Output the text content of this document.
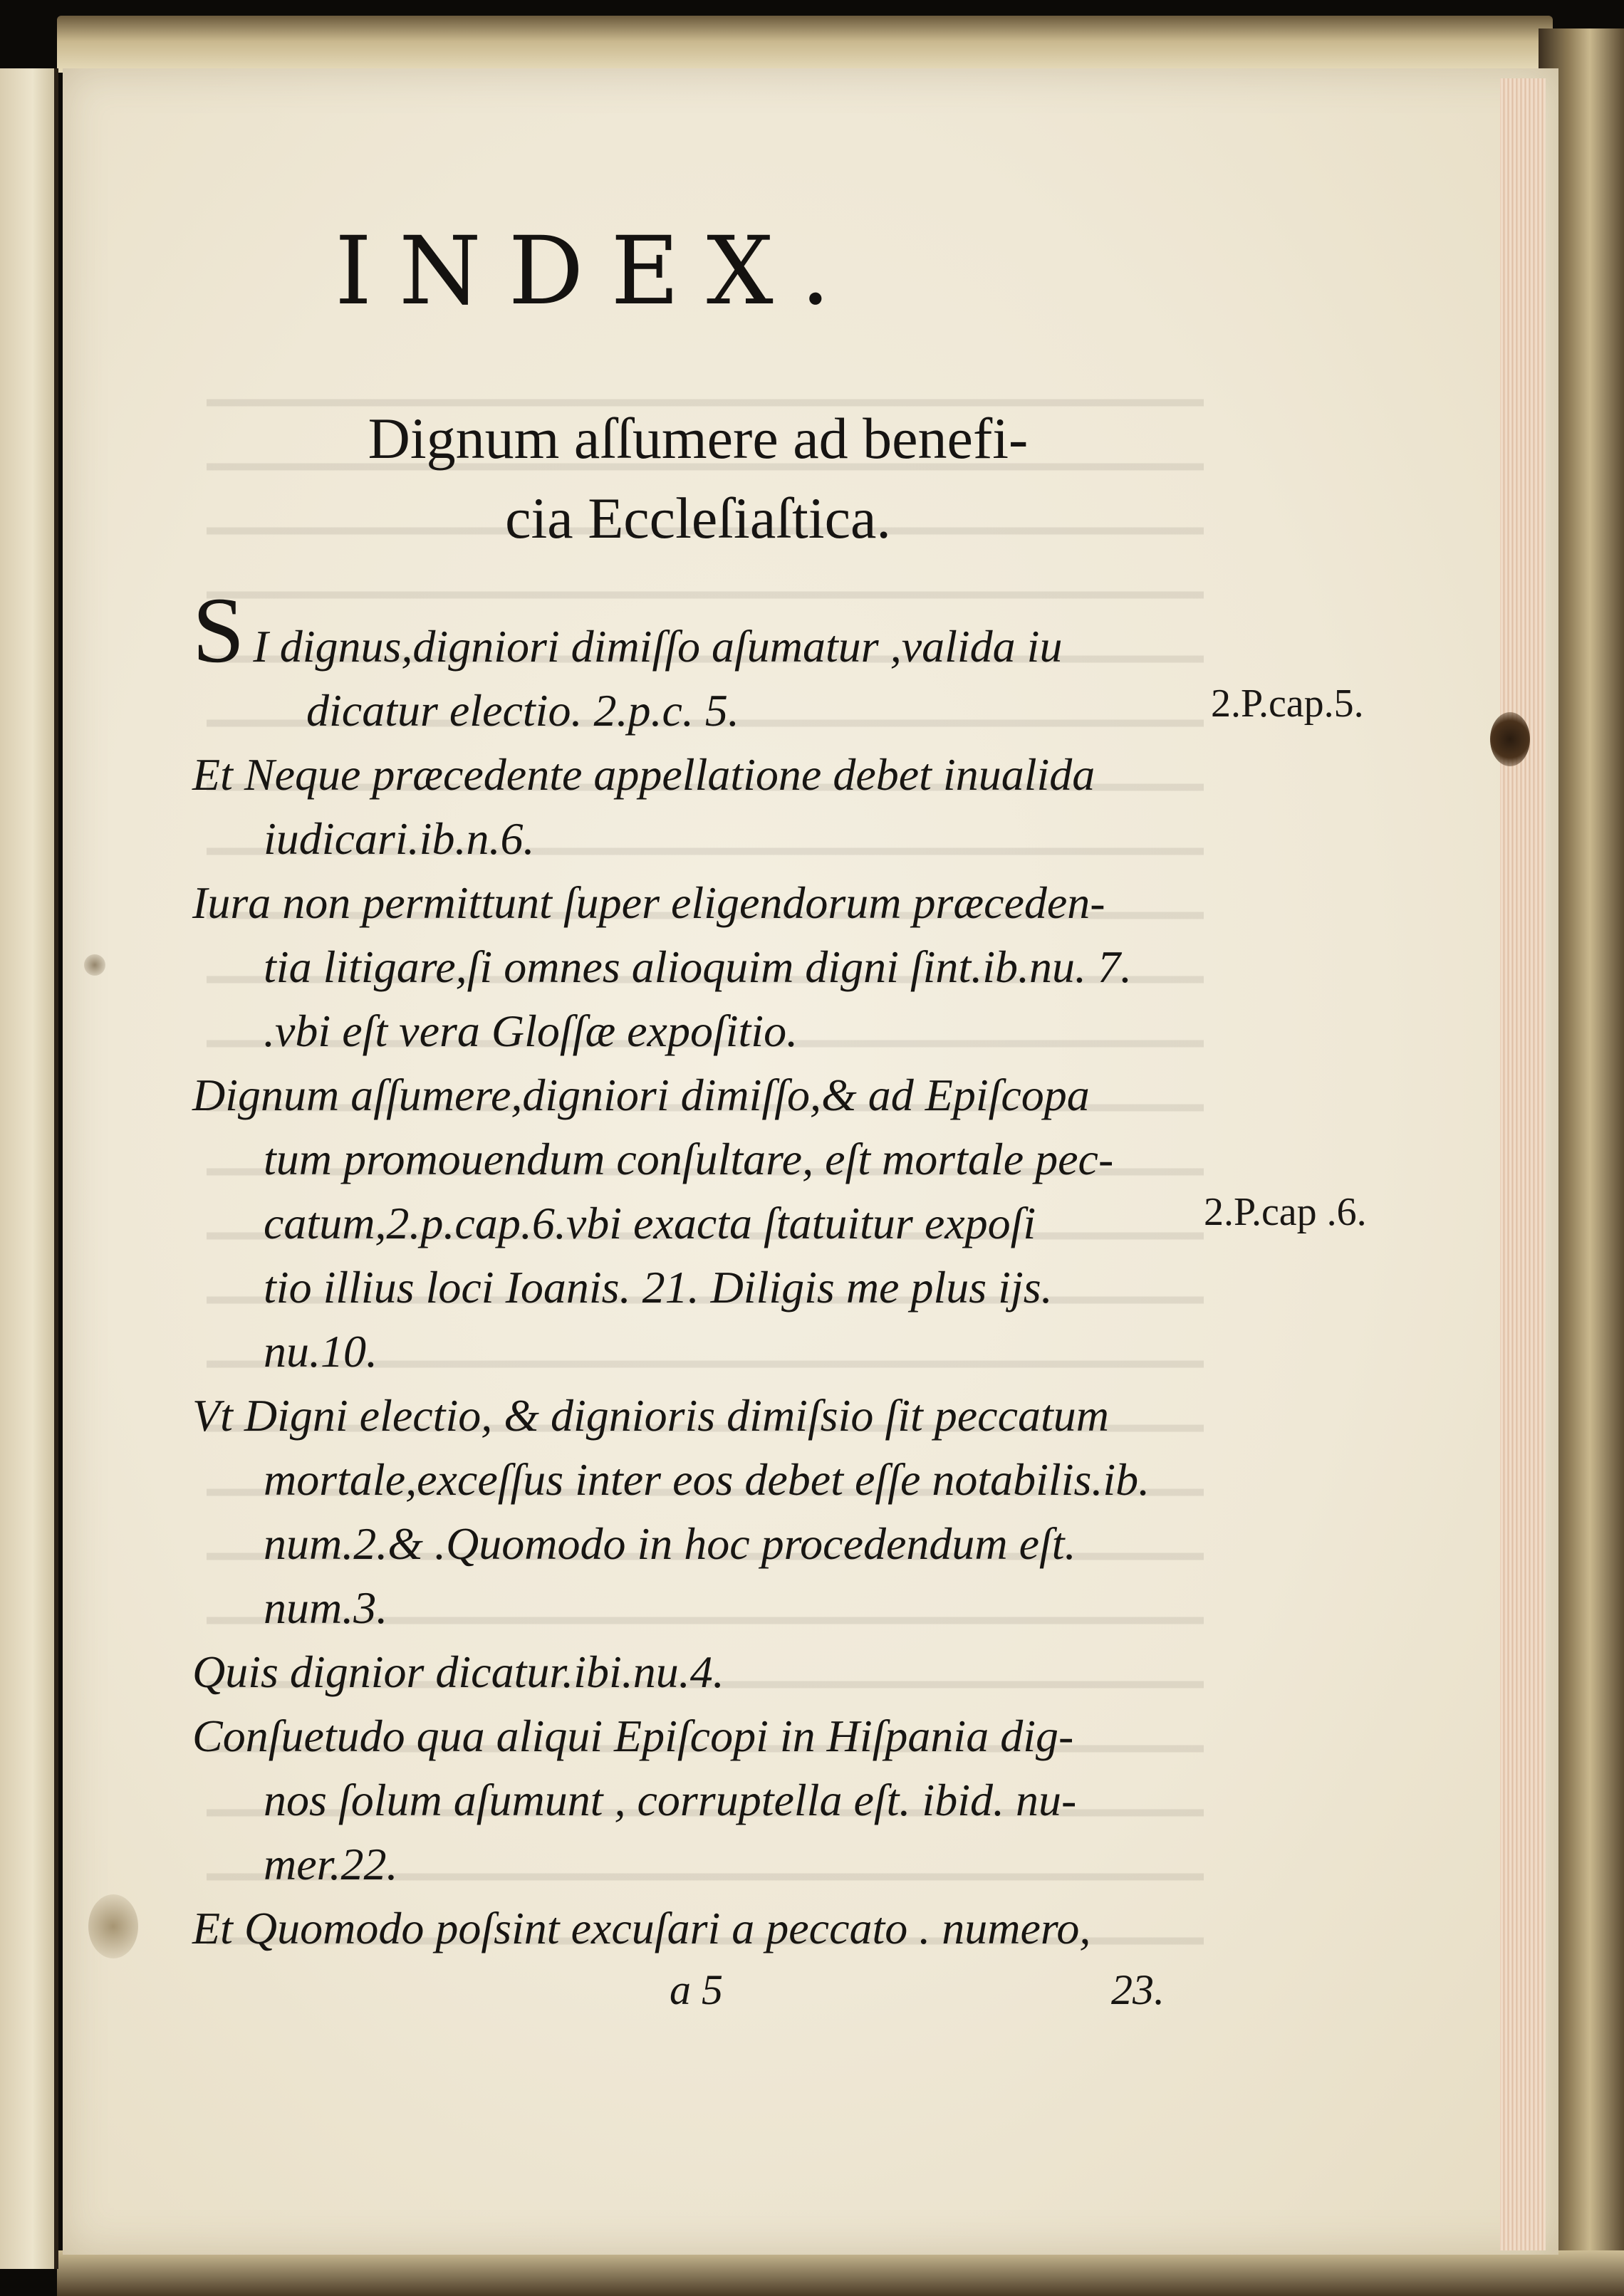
INDEX.
Dignum aſſumere ad benefi-
cia Eccleſiaſtica.
S I dignus,digniori dimiſſo aſumatur ,valida iu
dicatur electio. 2.p.c. 5.

Et Neque præcedente appellatione debet inualida
iudicari.ib.n.6.

Iura non permittunt ſuper eligendorum præceden-
tia litigare,ſi omnes alioquim digni ſint.ib.nu. 7.
.vbi eſt vera Gloſſæ expoſitio.

Dignum aſſumere,digniori dimiſſo,& ad Epiſcopa
tum promouendum conſultare, eſt mortale pec-
catum,2.p.cap.6.vbi exacta ſtatuitur expoſi
tio illius loci Ioanis. 21. Diligis me plus ijs.
nu.10.

Vt Digni electio, & dignioris dimiſsio ſit peccatum
mortale,exceſſus inter eos debet eſſe notabilis.ib.
num.2.& .Quomodo in hoc procedendum eſt.
num.3.

Quis dignior dicatur.ibi.nu.4.

Conſuetudo qua aliqui Epiſcopi in Hiſpania dig-
nos ſolum aſumunt , corruptella eſt. ibid. nu-
mer.22.

Et Quomodo poſsint excuſari a peccato . numero,

2.P.cap.5.
2.P.cap .6.
a 5	23.
